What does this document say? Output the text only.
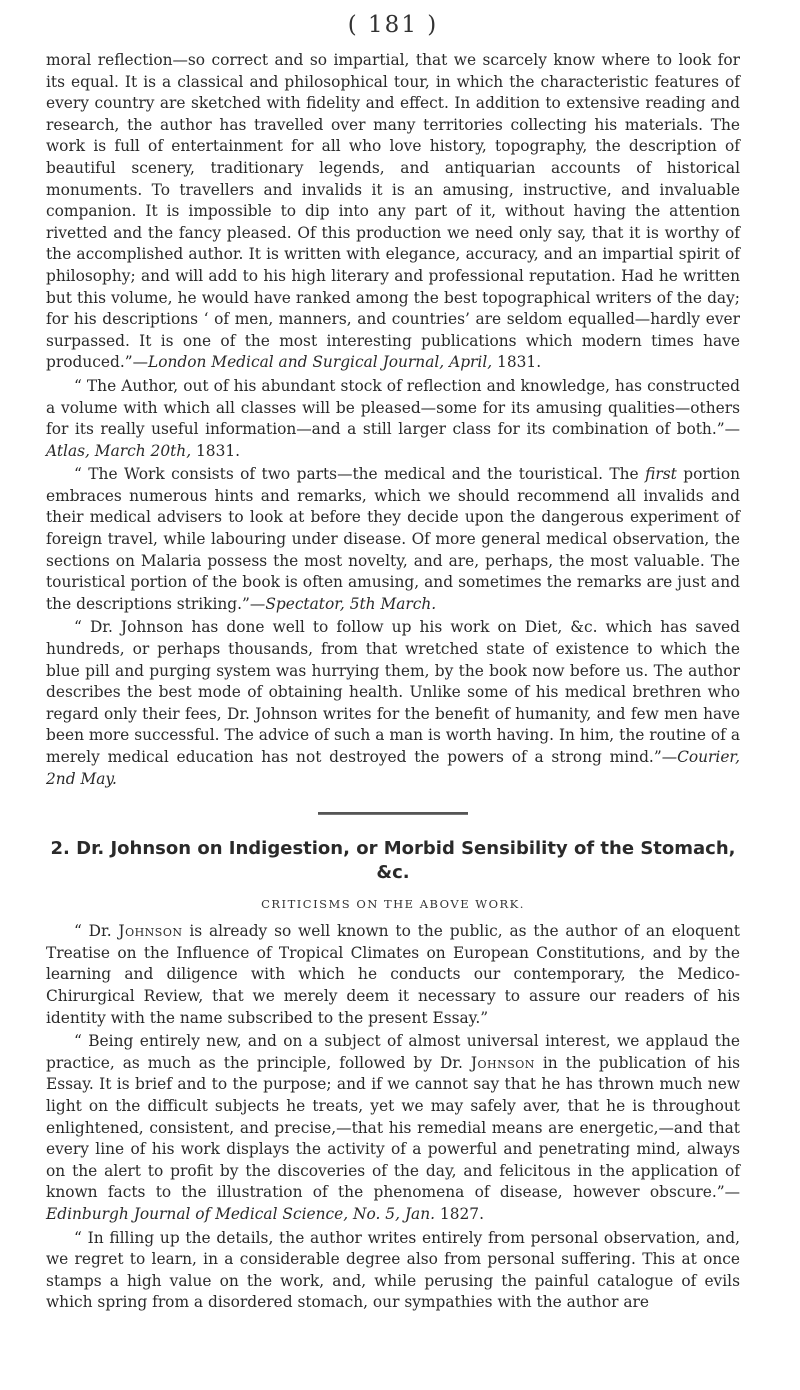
( 181 )

moral reflection—so correct and so impartial, that we scarcely know where to look for its equal. It is a classical and philosophical tour, in which the characteristic features of every country are sketched with fidelity and effect. In addition to extensive reading and research, the author has travelled over many territories collecting his materials. The work is full of entertainment for all who love history, topography, the description of beautiful scenery, traditionary legends, and antiquarian accounts of historical monuments. To travellers and invalids it is an amusing, instructive, and invaluable companion. It is impossible to dip into any part of it, without having the attention rivetted and the fancy pleased. Of this production we need only say, that it is worthy of the accomplished author. It is written with elegance, accuracy, and an impartial spirit of philosophy; and will add to his high literary and professional reputation. Had he written but this volume, he would have ranked among the best topographical writers of the day; for his descriptions ‘ of men, manners, and countries’ are seldom equalled—hardly ever surpassed. It is one of the most interesting publications which modern times have produced.”—London Medical and Surgical Journal, April, 1831.

“ The Author, out of his abundant stock of reflection and knowledge, has constructed a volume with which all classes will be pleased—some for its amusing qualities—others for its really useful information—and a still larger class for its combination of both.”—Atlas, March 20th, 1831.

“ The Work consists of two parts—the medical and the touristical. The first portion embraces numerous hints and remarks, which we should recommend all invalids and their medical advisers to look at before they decide upon the dangerous experiment of foreign travel, while labouring under disease. Of more general medical observation, the sections on Malaria possess the most novelty, and are, perhaps, the most valuable. The touristical portion of the book is often amusing, and sometimes the remarks are just and the descriptions striking.”—Spectator, 5th March.

“ Dr. Johnson has done well to follow up his work on Diet, &c. which has saved hundreds, or perhaps thousands, from that wretched state of existence to which the blue pill and purging system was hurrying them, by the book now before us. The author describes the best mode of obtaining health. Unlike some of his medical brethren who regard only their fees, Dr. Johnson writes for the benefit of humanity, and few men have been more successful. The advice of such a man is worth having. In him, the routine of a merely medical education has not destroyed the powers of a strong mind.”—Courier, 2nd May.

2. Dr. Johnson on Indigestion, or Morbid Sensibility of the Stomach, &c.
CRITICISMS ON THE ABOVE WORK.

“ Dr. Johnson is already so well known to the public, as the author of an eloquent Treatise on the Influence of Tropical Climates on European Constitutions, and by the learning and diligence with which he conducts our contemporary, the Medico-Chirurgical Review, that we merely deem it necessary to assure our readers of his identity with the name subscribed to the present Essay.”

“ Being entirely new, and on a subject of almost universal interest, we applaud the practice, as much as the principle, followed by Dr. Johnson in the publication of his Essay. It is brief and to the purpose; and if we cannot say that he has thrown much new light on the difficult subjects he treats, yet we may safely aver, that he is throughout enlightened, consistent, and precise,—that his remedial means are energetic,—and that every line of his work displays the activity of a powerful and penetrating mind, always on the alert to profit by the discoveries of the day, and felicitous in the application of known facts to the illustration of the phenomena of disease, however obscure.”—Edinburgh Journal of Medical Science, No. 5, Jan. 1827.

“ In filling up the details, the author writes entirely from personal observation, and, we regret to learn, in a considerable degree also from personal suffering. This at once stamps a high value on the work, and, while perusing the painful catalogue of evils which spring from a disordered stomach, our sympathies with the author are
